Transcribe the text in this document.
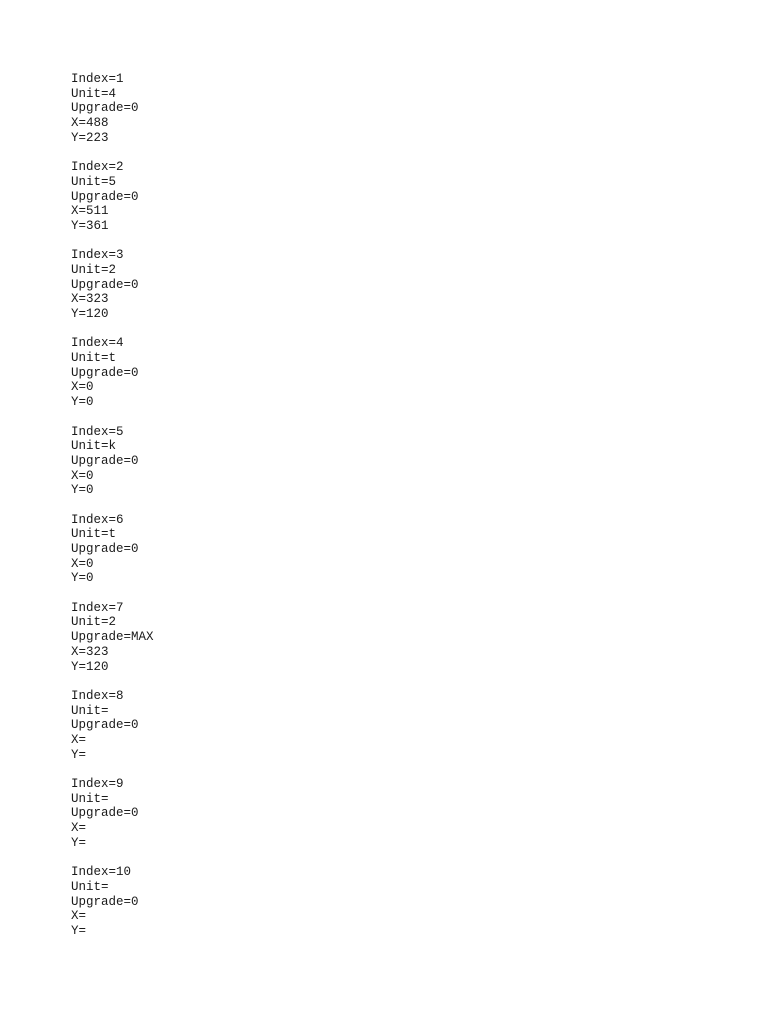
Index=1
Unit=4
Upgrade=0
X=488
Y=223
Index=2
Unit=5
Upgrade=0
X=511
Y=361
Index=3
Unit=2
Upgrade=0
X=323
Y=120
Index=4
Unit=t
Upgrade=0
X=0
Y=0
Index=5
Unit=k
Upgrade=0
X=0
Y=0
Index=6
Unit=t
Upgrade=0
X=0
Y=0
Index=7
Unit=2
Upgrade=MAX
X=323
Y=120
Index=8
Unit=
Upgrade=0
X=
Y=
Index=9
Unit=
Upgrade=0
X=
Y=
Index=10
Unit=
Upgrade=0
X=
Y=
